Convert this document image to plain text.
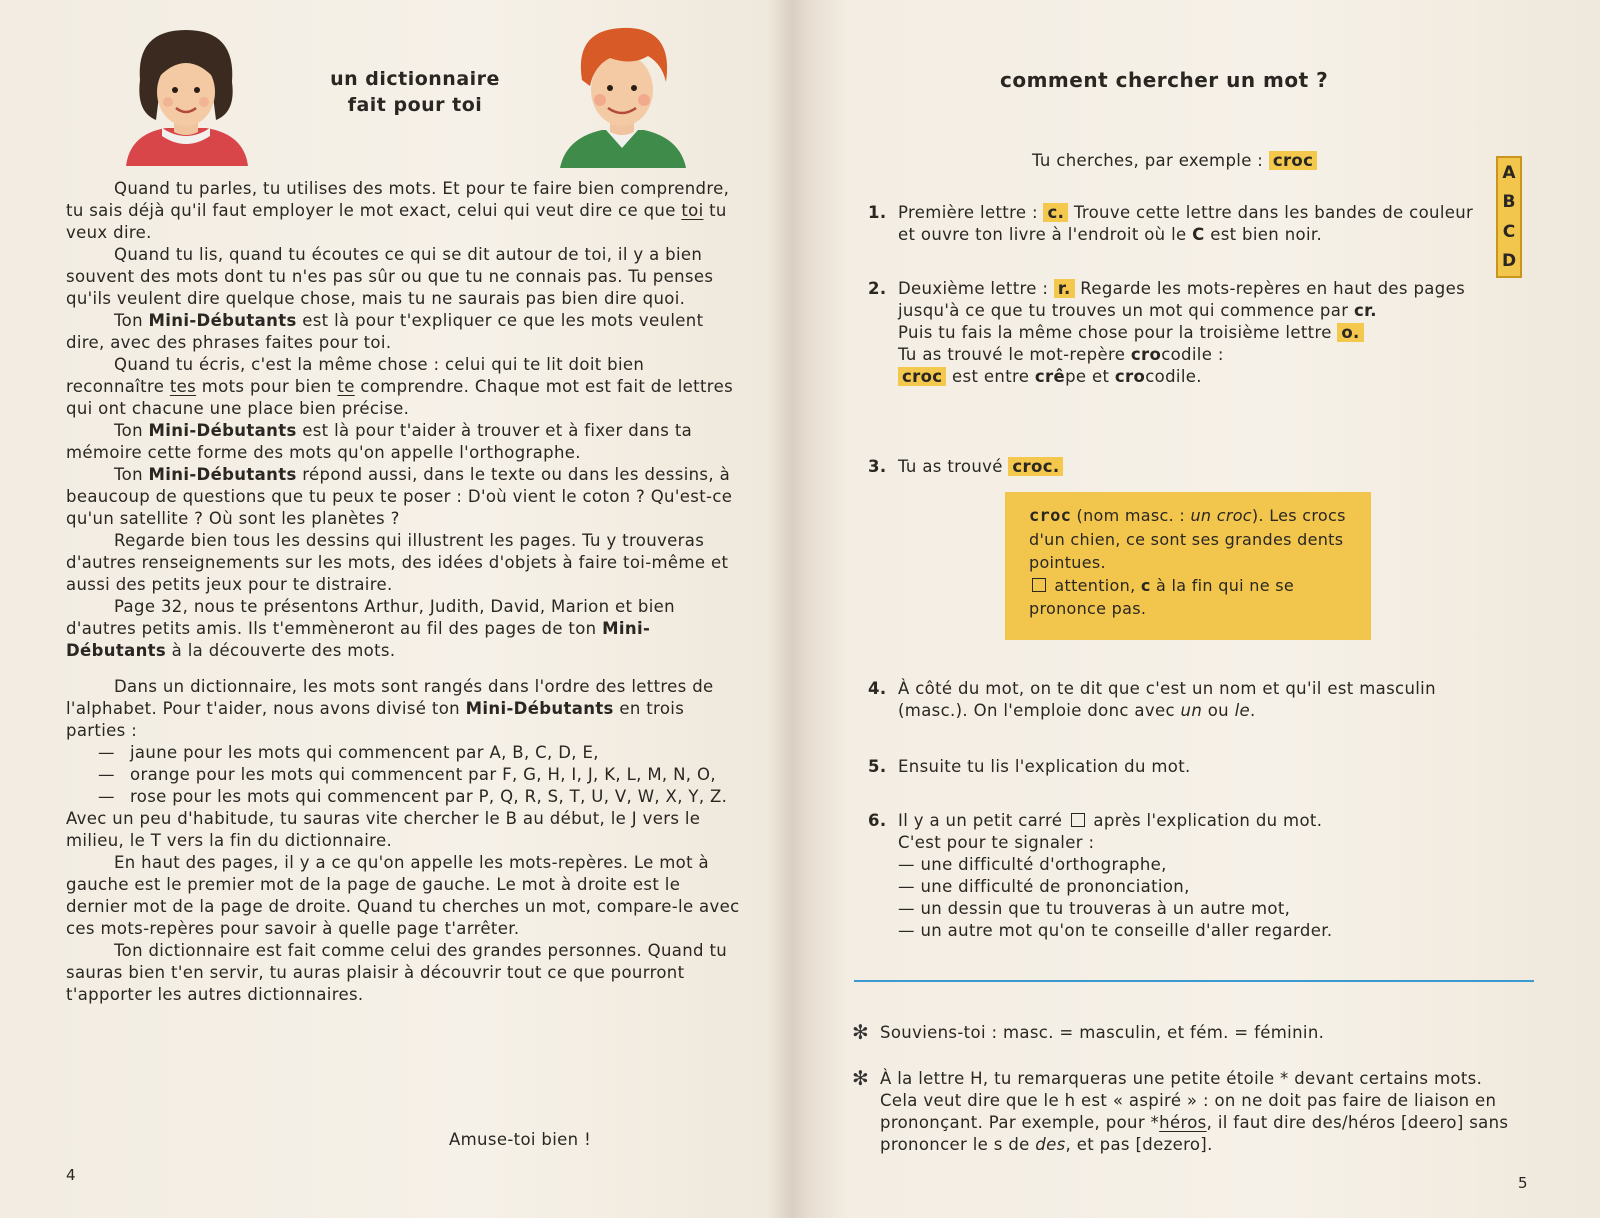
un dictionnaire
fait pour toi

Quand tu parles, tu utilises des mots. Et pour te faire bien comprendre, tu sais déjà qu'il faut employer le mot exact, celui qui veut dire ce que toi tu veux dire.

Quand tu lis, quand tu écoutes ce qui se dit autour de toi, il y a bien souvent des mots dont tu n'es pas sûr ou que tu ne connais pas. Tu penses qu'ils veulent dire quelque chose, mais tu ne saurais pas bien dire quoi.

Ton Mini-Débutants est là pour t'expliquer ce que les mots veulent dire, avec des phrases faites pour toi.

Quand tu écris, c'est la même chose : celui qui te lit doit bien reconnaître tes mots pour bien te comprendre. Chaque mot est fait de lettres qui ont chacune une place bien précise.

Ton Mini-Débutants est là pour t'aider à trouver et à fixer dans ta mémoire cette forme des mots qu'on appelle l'orthographe.

Ton Mini-Débutants répond aussi, dans le texte ou dans les dessins, à beaucoup de questions que tu peux te poser : D'où vient le coton ? Qu'est-ce qu'un satellite ? Où sont les planètes ?

Regarde bien tous les dessins qui illustrent les pages. Tu y trouveras d'autres renseignements sur les mots, des idées d'objets à faire toi-même et aussi des petits jeux pour te distraire.

Page 32, nous te présentons Arthur, Judith, David, Marion et bien d'autres petits amis. Ils t'emmèneront au fil des pages de ton Mini-Débutants à la découverte des mots.

Dans un dictionnaire, les mots sont rangés dans l'ordre des lettres de l'alphabet. Pour t'aider, nous avons divisé ton Mini-Débutants en trois parties :

— jaune pour les mots qui commencent par A, B, C, D, E,

— orange pour les mots qui commencent par F, G, H, I, J, K, L, M, N, O,

— rose pour les mots qui commencent par P, Q, R, S, T, U, V, W, X, Y, Z.

Avec un peu d'habitude, tu sauras vite chercher le B au début, le J vers le milieu, le T vers la fin du dictionnaire.

En haut des pages, il y a ce qu'on appelle les mots-repères. Le mot à gauche est le premier mot de la page de gauche. Le mot à droite est le dernier mot de la page de droite. Quand tu cherches un mot, compare-le avec ces mots-repères pour savoir à quelle page t'arrêter.

Ton dictionnaire est fait comme celui des grandes personnes. Quand tu sauras bien t'en servir, tu auras plaisir à découvrir tout ce que pourront t'apporter les autres dictionnaires.

Amuse-toi bien !
4
comment chercher un mot ?
A
B
C
D
Tu cherches, par exemple : croc
1. Première lettre : c. Trouve cette lettre dans les bandes de couleur et ouvre ton livre à l'endroit où le C est bien noir.
2. Deuxième lettre : r. Regarde les mots-repères en haut des pages jusqu'à ce que tu trouves un mot qui commence par cr.

Puis tu fais la même chose pour la troisième lettre o.

Tu as trouvé le mot-repère crocodile :

croc est entre crêpe et crocodile.

3. Tu as trouvé croc.
croc (nom masc. : un croc). Les crocs d'un chien, ce sont ses grandes dents pointues.
attention, c à la fin qui ne se prononce pas.
4. À côté du mot, on te dit que c'est un nom et qu'il est masculin (masc.). On l'emploie donc avec un ou le.
5. Ensuite tu lis l'explication du mot.
6. Il y a un petit carré  après l'explication du mot.

C'est pour te signaler :

— une difficulté d'orthographe,

— une difficulté de prononciation,

— un dessin que tu trouveras à un autre mot,

— un autre mot qu'on te conseille d'aller regarder.

✻ Souviens-toi : masc. = masculin, et fém. = féminin.
✻ À la lettre H, tu remarqueras une petite étoile * devant certains mots. Cela veut dire que le h est « aspiré » : on ne doit pas faire de liaison en prononçant. Par exemple, pour *héros, il faut dire des/héros [deero] sans prononcer le s de des, et pas [dezero].
5
